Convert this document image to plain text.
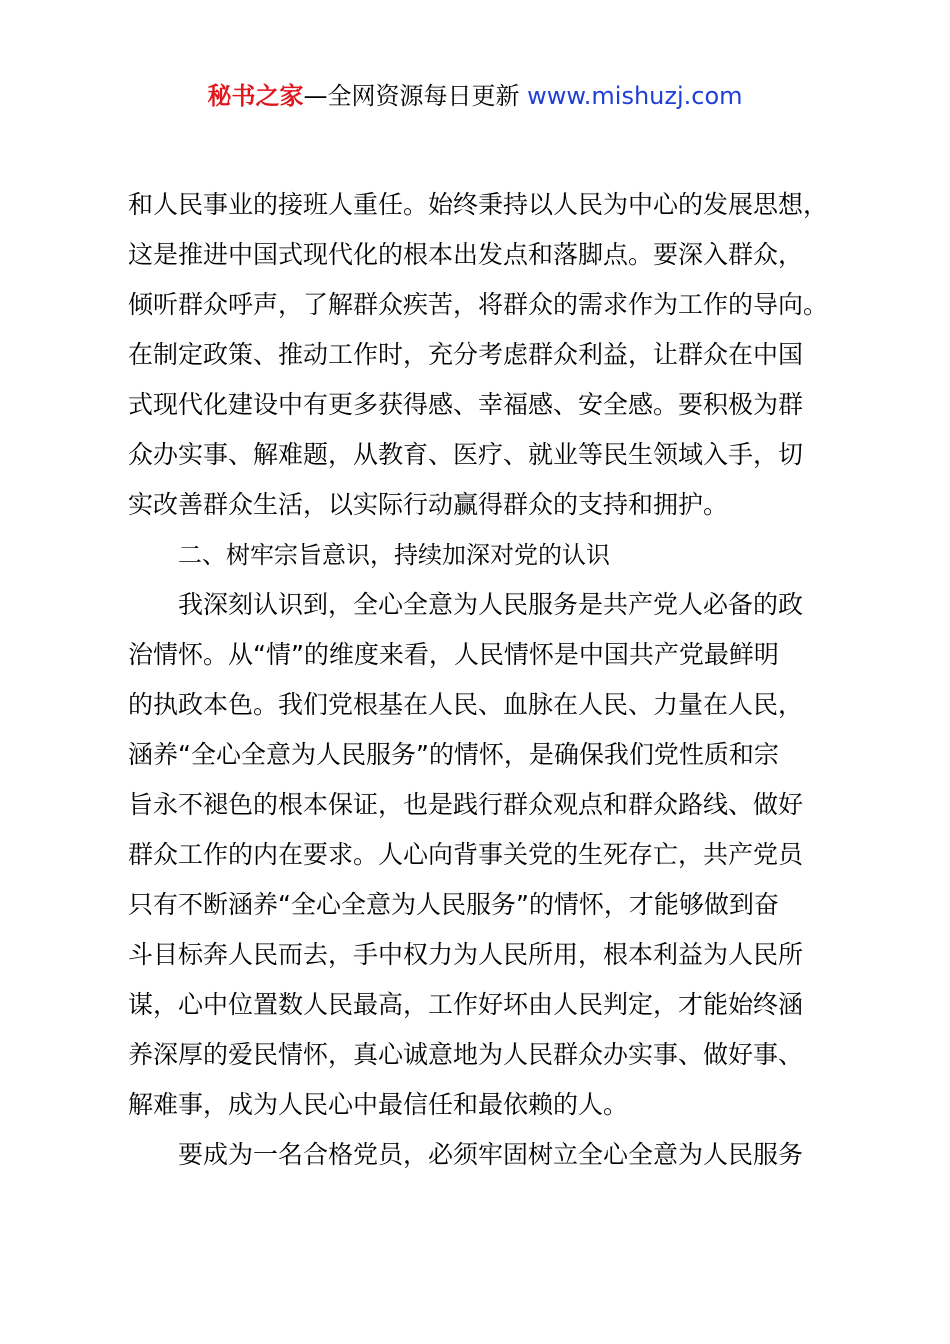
秘书之家—全网资源每日更新 www.mishuzj.com
和人民事业的接班人重任。始终秉持以人民为中心的发展思想，
这是推进中国式现代化的根本出发点和落脚点。要深入群众，
倾听群众呼声，了解群众疾苦，将群众的需求作为工作的导向。
在制定政策、推动工作时，充分考虑群众利益，让群众在中国
式现代化建设中有更多获得感、幸福感、安全感。要积极为群
众办实事、解难题，从教育、医疗、就业等民生领域入手，切
实改善群众生活，以实际行动赢得群众的支持和拥护。
二、树牢宗旨意识，持续加深对党的认识
我深刻认识到，全心全意为人民服务是共产党人必备的政
治情怀。从“情”的维度来看，人民情怀是中国共产党最鲜明
的执政本色。我们党根基在人民、血脉在人民、力量在人民，
涵养“全心全意为人民服务”的情怀，是确保我们党性质和宗
旨永不褪色的根本保证，也是践行群众观点和群众路线、做好
群众工作的内在要求。人心向背事关党的生死存亡，共产党员
只有不断涵养“全心全意为人民服务”的情怀，才能够做到奋
斗目标奔人民而去，手中权力为人民所用，根本利益为人民所
谋，心中位置数人民最高，工作好坏由人民判定，才能始终涵
养深厚的爱民情怀，真心诚意地为人民群众办实事、做好事、
解难事，成为人民心中最信任和最依赖的人。
要成为一名合格党员，必须牢固树立全心全意为人民服务
